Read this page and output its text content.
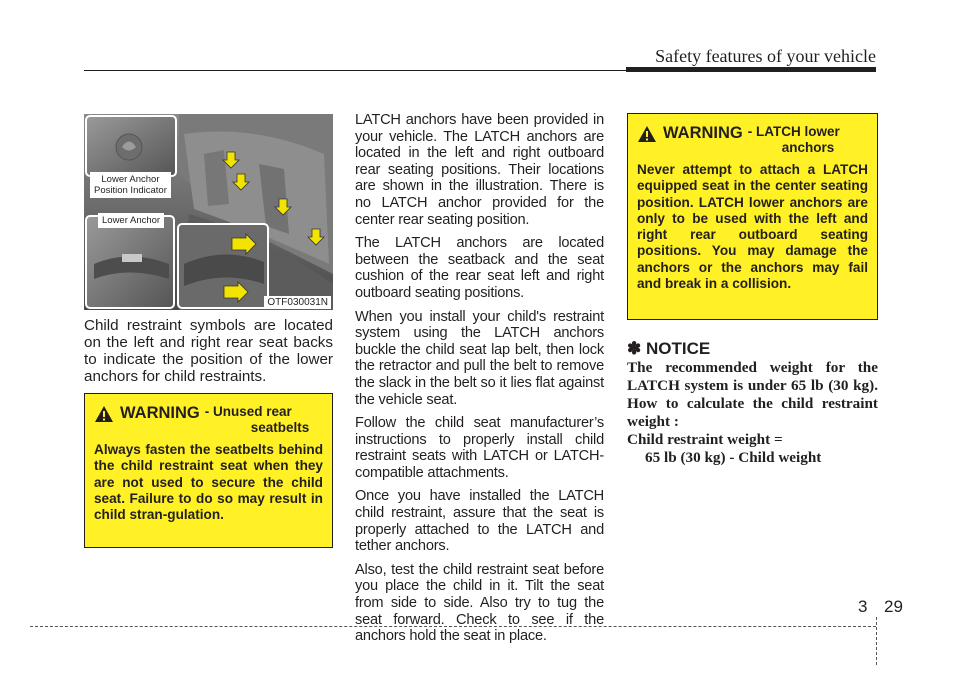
Safety features of your vehicle
Lower Anchor
Position Indicator
Lower Anchor
OTF030031N

Child restraint symbols are located on the left and right rear seat backs to indicate the position of the lower anchors for child restraints.

WARNING - Unused rear
seatbelts
Always fasten the seatbelts behind the child restraint seat when they are not used to secure the child seat. Failure to do so may result in child stran-gulation.

LATCH anchors have been provided in your vehicle. The LATCH anchors are located in the left and right outboard rear seating positions. Their locations are shown in the illustration. There is no LATCH anchor provided for the center rear seating position.

The LATCH anchors are located between the seatback and the seat cushion of the rear seat left and right outboard seating positions.

When you install your child's restraint system using the LATCH anchors buckle the child seat lap belt, then lock the retractor and pull the belt to remove the slack in the belt so it lies flat against the vehicle seat.

Follow the child seat manufacturer’s instructions to properly install child restraint seats with LATCH or LATCH-compatible attachments.

Once you have installed the LATCH child restraint, assure that the seat is properly attached to the LATCH and tether anchors.

Also, test the child restraint seat before you place the child in it. Tilt the seat from side to side. Also try to tug the seat forward. Check to see if the anchors hold the seat in place.

WARNING - LATCH lower
anchors
Never attempt to attach a LATCH equipped seat in the center seating position. LATCH lower anchors are only to be used with the left and right rear outboard seating positions. You may damage the anchors or the anchors may fail and break in a collision.
✽ NOTICE

The recommended weight for the LATCH system is under 65 lb (30 kg). How to calculate the child restraint weight :

Child restraint weight =

65 lb (30 kg) - Child weight

3 29
